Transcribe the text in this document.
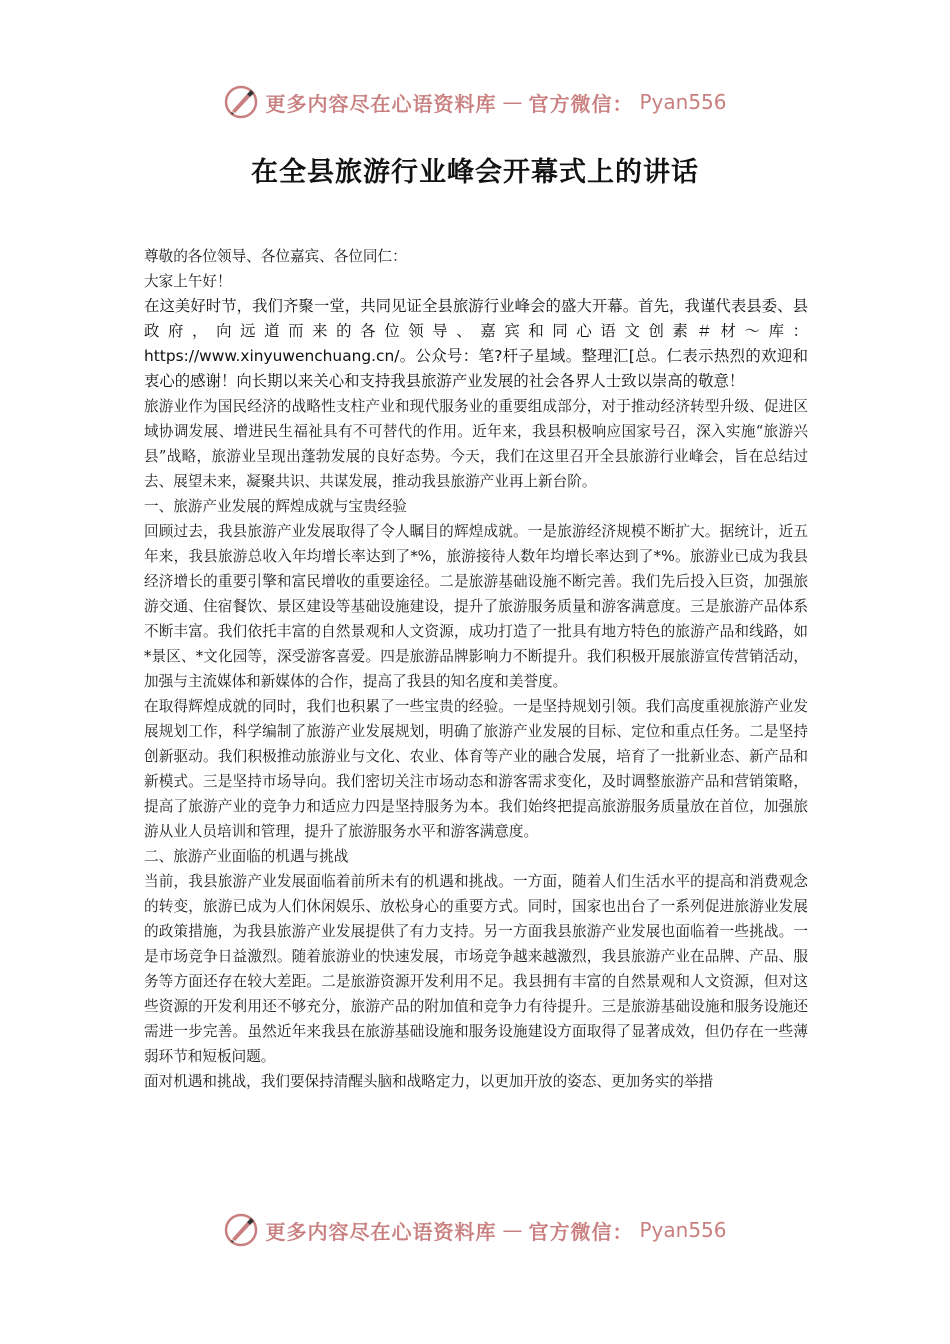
更多内容尽在心语资料库 — 官方微信： Pyan556
在全县旅游行业峰会开幕式上的讲话

尊敬的各位领导、各位嘉宾、各位同仁：

大家上午好！

在这美好时节，我们齐聚一堂，共同见证全县旅游行业峰会的盛大开幕。首先，我谨代表县委、县政府，向远道而来的各位领导、嘉宾和同心语文创素＃材～库：https://www.xinyuwenchuang.cn/。公众号：笔?杆子星域。整理汇[总。仁表示热烈的欢迎和衷心的感谢！向长期以来关心和支持我县旅游产业发展的社会各界人士致以崇高的敬意！

旅游业作为国民经济的战略性支柱产业和现代服务业的重要组成部分，对于推动经济转型升级、促进区域协调发展、增进民生福祉具有不可替代的作用。近年来，我县积极响应国家号召，深入实施“旅游兴县”战略，旅游业呈现出蓬勃发展的良好态势。今天，我们在这里召开全县旅游行业峰会，旨在总结过去、展望未来，凝聚共识、共谋发展，推动我县旅游产业再上新台阶。

一、旅游产业发展的辉煌成就与宝贵经验

回顾过去，我县旅游产业发展取得了令人瞩目的辉煌成就。一是旅游经济规模不断扩大。据统计，近五年来，我县旅游总收入年均增长率达到了*%，旅游接待人数年均增长率达到了*%。旅游业已成为我县经济增长的重要引擎和富民增收的重要途径。二是旅游基础设施不断完善。我们先后投入巨资，加强旅游交通、住宿餐饮、景区建设等基础设施建设，提升了旅游服务质量和游客满意度。三是旅游产品体系不断丰富。我们依托丰富的自然景观和人文资源，成功打造了一批具有地方特色的旅游产品和线路，如*景区、*文化园等，深受游客喜爱。四是旅游品牌影响力不断提升。我们积极开展旅游宣传营销活动，加强与主流媒体和新媒体的合作，提高了我县的知名度和美誉度。

在取得辉煌成就的同时，我们也积累了一些宝贵的经验。一是坚持规划引领。我们高度重视旅游产业发展规划工作，科学编制了旅游产业发展规划，明确了旅游产业发展的目标、定位和重点任务。二是坚持创新驱动。我们积极推动旅游业与文化、农业、体育等产业的融合发展，培育了一批新业态、新产品和新模式。三是坚持市场导向。我们密切关注市场动态和游客需求变化，及时调整旅游产品和营销策略，提高了旅游产业的竞争力和适应力四是坚持服务为本。我们始终把提高旅游服务质量放在首位，加强旅游从业人员培训和管理，提升了旅游服务水平和游客满意度。

二、旅游产业面临的机遇与挑战

当前，我县旅游产业发展面临着前所未有的机遇和挑战。一方面，随着人们生活水平的提高和消费观念的转变，旅游已成为人们休闲娱乐、放松身心的重要方式。同时，国家也出台了一系列促进旅游业发展的政策措施，为我县旅游产业发展提供了有力支持。另一方面我县旅游产业发展也面临着一些挑战。一是市场竞争日益激烈。随着旅游业的快速发展，市场竞争越来越激烈，我县旅游产业在品牌、产品、服务等方面还存在较大差距。二是旅游资源开发利用不足。我县拥有丰富的自然景观和人文资源，但对这些资源的开发利用还不够充分，旅游产品的附加值和竞争力有待提升。三是旅游基础设施和服务设施还需进一步完善。虽然近年来我县在旅游基础设施和服务设施建设方面取得了显著成效，但仍存在一些薄弱环节和短板问题。

面对机遇和挑战，我们要保持清醒头脑和战略定力，以更加开放的姿态、更加务实的举措

更多内容尽在心语资料库 — 官方微信： Pyan556
